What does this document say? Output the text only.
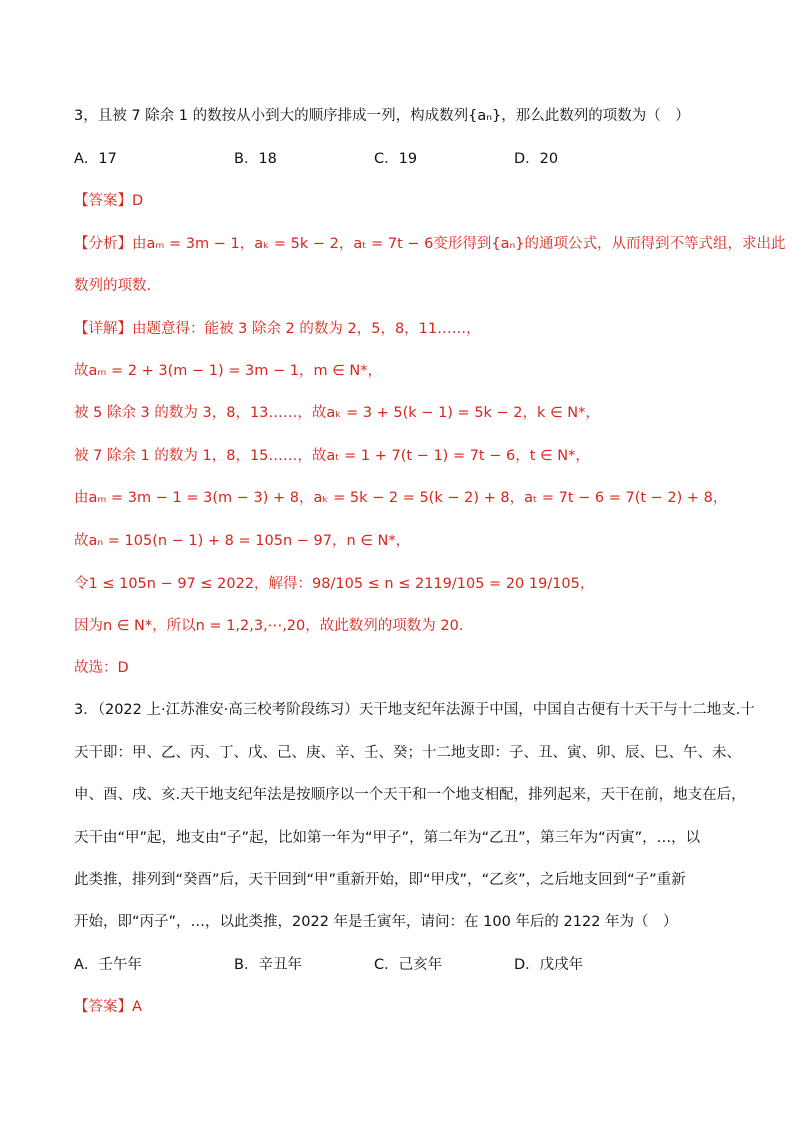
3，且被 7 除余 1 的数按从小到大的顺序排成一列，构成数列{aₙ}，那么此数列的项数为（　）
A．17	B．18	C．19	D．20
【答案】D
【分析】由aₘ = 3m − 1，aₖ = 5k − 2，aₜ = 7t − 6变形得到{aₙ}的通项公式，从而得到不等式组，求出此
数列的项数.
【详解】由题意得：能被 3 除余 2 的数为 2，5，8，11……，
故aₘ = 2 + 3(m − 1) = 3m − 1，m ∈ N*，
被 5 除余 3 的数为 3，8，13……，故aₖ = 3 + 5(k − 1) = 5k − 2，k ∈ N*，
被 7 除余 1 的数为 1，8，15……，故aₜ = 1 + 7(t − 1) = 7t − 6，t ∈ N*，
由aₘ = 3m − 1 = 3(m − 3) + 8，aₖ = 5k − 2 = 5(k − 2) + 8，aₜ = 7t − 6 = 7(t − 2) + 8，
故aₙ = 105(n − 1) + 8 = 105n − 97，n ∈ N*，
令1 ≤ 105n − 97 ≤ 2022，解得：98/105 ≤ n ≤ 2119/105 = 20 19/105，
因为n ∈ N*，所以n = 1,2,3,⋯,20，故此数列的项数为 20.
故选：D
3．（2022 上·江苏淮安·高三校考阶段练习）天干地支纪年法源于中国，中国自古便有十天干与十二地支.十
天干即：甲、乙、丙、丁、戊、己、庚、辛、壬、癸；十二地支即：子、丑、寅、卯、辰、巳、午、未、
申、酉、戌、亥.天干地支纪年法是按顺序以一个天干和一个地支相配，排列起来，天干在前，地支在后，
天干由“甲”起，地支由“子”起，比如第一年为“甲子”，第二年为“乙丑”，第三年为“丙寅”，…，以
此类推，排列到“癸酉”后，天干回到“甲”重新开始，即“甲戌”，“乙亥”，之后地支回到“子”重新
开始，即“丙子”，…，以此类推，2022 年是壬寅年，请问：在 100 年后的 2122 年为（　）
A．壬午年	B．辛丑年	C．己亥年	D．戊戌年
【答案】A
